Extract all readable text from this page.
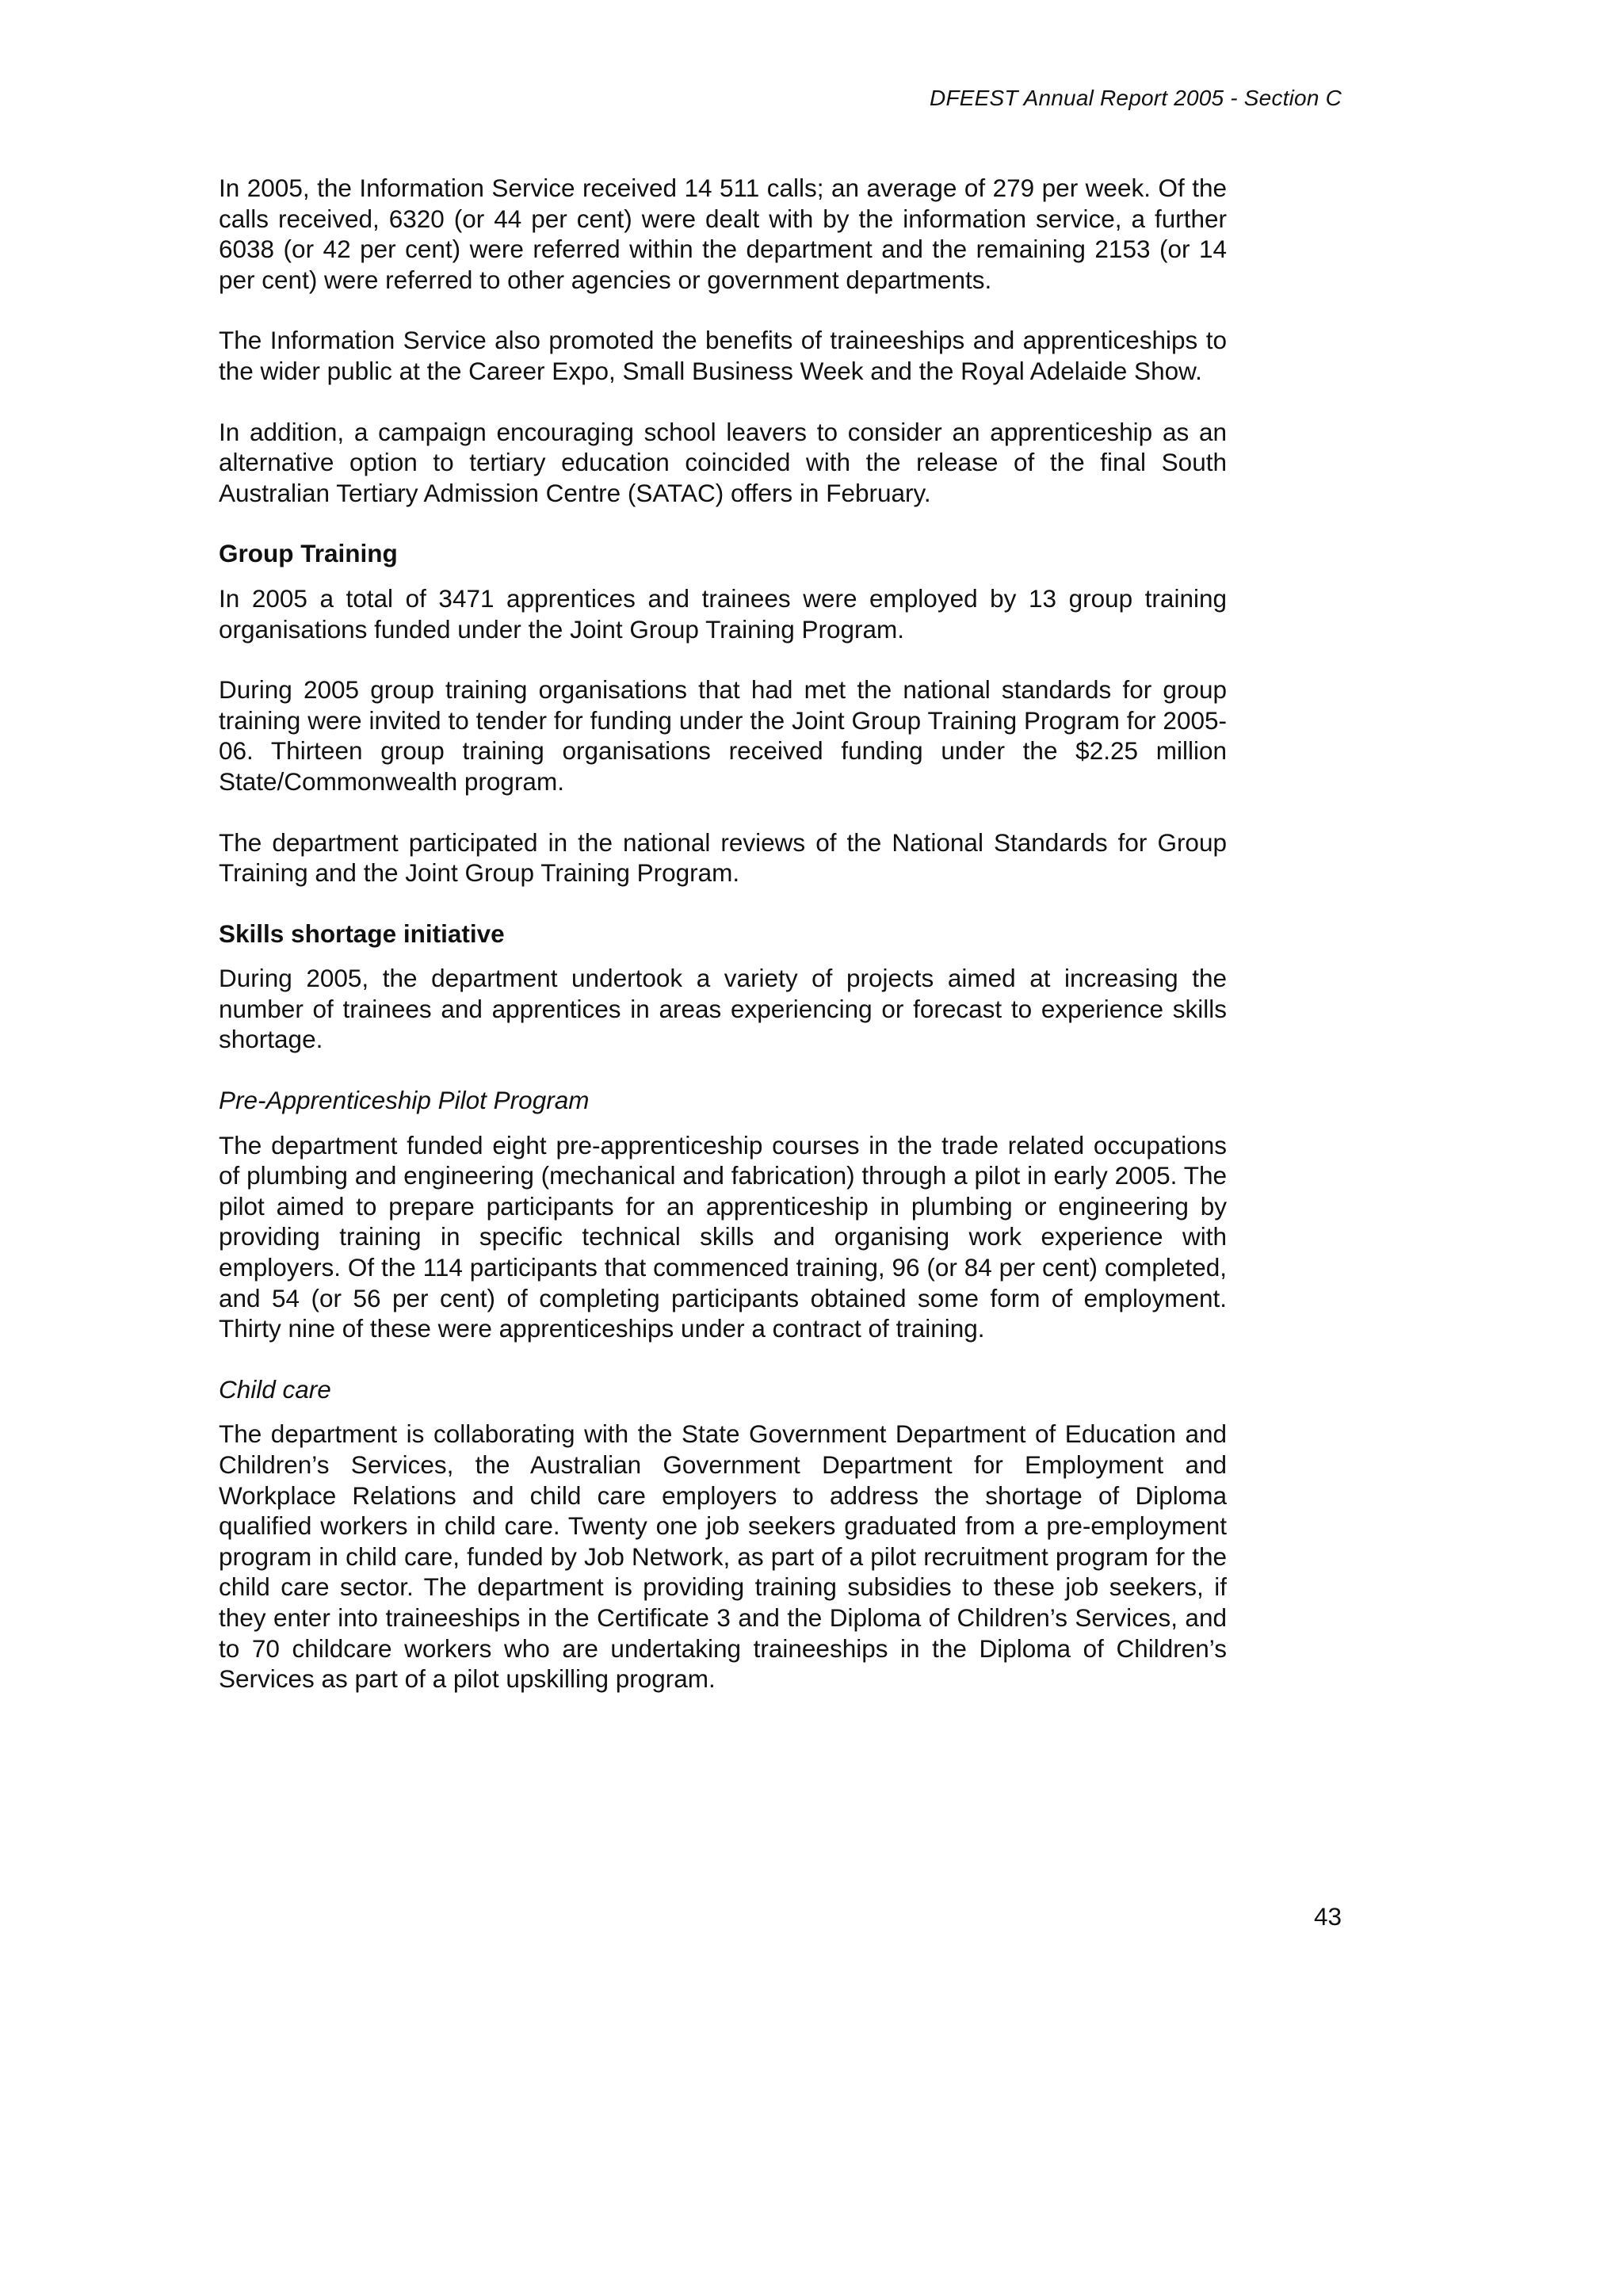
DFEEST Annual Report 2005 - Section C

In 2005, the Information Service received 14 511 calls; an average of 279 per week. Of the calls received, 6320 (or 44 per cent) were dealt with by the information service, a further 6038 (or 42 per cent) were referred within the department and the remaining 2153 (or 14 per cent) were referred to other agencies or government departments.

The Information Service also promoted the benefits of traineeships and apprenticeships to the wider public at the Career Expo, Small Business Week and the Royal Adelaide Show.

In addition, a campaign encouraging school leavers to consider an apprenticeship as an alternative option to tertiary education coincided with the release of the final South Australian Tertiary Admission Centre (SATAC) offers in February.

Group Training

In 2005 a total of 3471 apprentices and trainees were employed by 13 group training organisations funded under the Joint Group Training Program.

During 2005 group training organisations that had met the national standards for group training were invited to tender for funding under the Joint Group Training Program for 2005-06. Thirteen group training organisations received funding under the $2.25 million State/Commonwealth program.

The department participated in the national reviews of the National Standards for Group Training and the Joint Group Training Program.

Skills shortage initiative

During 2005, the department undertook a variety of projects aimed at increasing the number of trainees and apprentices in areas experiencing or forecast to experience skills shortage.

Pre-Apprenticeship Pilot Program

The department funded eight pre-apprenticeship courses in the trade related occupations of plumbing and engineering (mechanical and fabrication) through a pilot in early 2005. The pilot aimed to prepare participants for an apprenticeship in plumbing or engineering by providing training in specific technical skills and organising work experience with employers. Of the 114 participants that commenced training, 96 (or 84 per cent) completed, and 54 (or 56 per cent) of completing participants obtained some form of employment. Thirty nine of these were apprenticeships under a contract of training.

Child care

The department is collaborating with the State Government Department of Education and Children’s Services, the Australian Government Department for Employment and Workplace Relations and child care employers to address the shortage of Diploma qualified workers in child care. Twenty one job seekers graduated from a pre-employment program in child care, funded by Job Network, as part of a pilot recruitment program for the child care sector. The department is providing training subsidies to these job seekers, if they enter into traineeships in the Certificate 3 and the Diploma of Children’s Services, and to 70 childcare workers who are undertaking traineeships in the Diploma of Children’s Services as part of a pilot upskilling program.

43
